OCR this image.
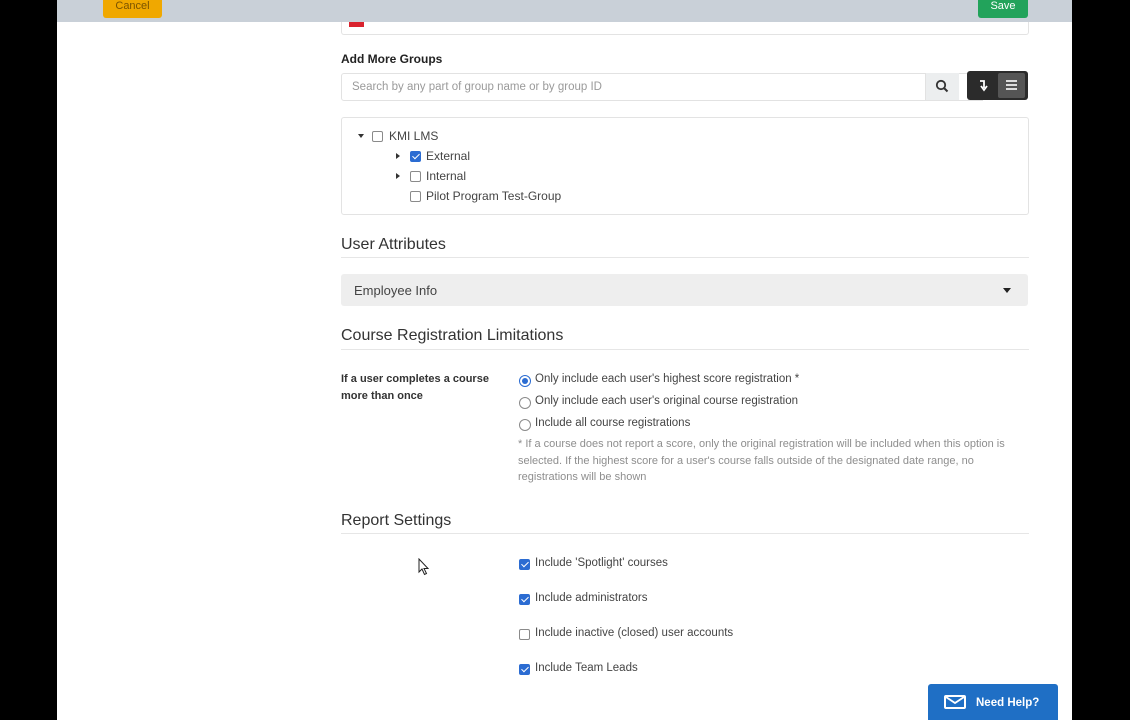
Cancel	Save
Add More Groups
Search by any part of group name or by group ID
KMI LMS
External
Internal
Pilot Program Test-Group
User Attributes
Employee Info
Course Registration Limitations
If a user completes a course more than once
Only include each user's highest score registration *
Only include each user's original course registration
Include all course registrations
* If a course does not report a score, only the original registration will be included when this option is selected. If the highest score for a user's course falls outside of the designated date range, no registrations will be shown
Report Settings
Include 'Spotlight' courses
Include administrators
Include inactive (closed) user accounts
Include Team Leads
Need Help?
